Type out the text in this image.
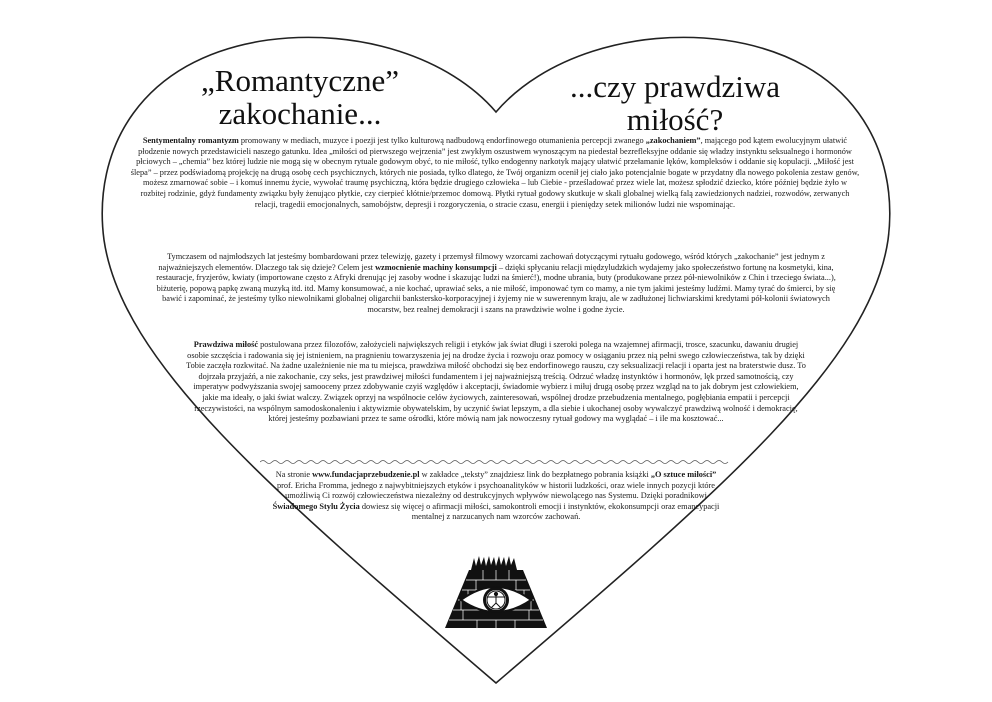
„Romantyczne”
zakochanie...
...czy prawdziwa
miłość?
Sentymentalny romantyzm promowany w mediach, muzyce i poezji jest tylko kulturową nadbudową endorfinowego otumanienia percepcji zwanego „zakochaniem”, mającego pod kątem ewolucyjnym ułatwić płodzenie nowych przedstawicieli naszego gatunku. Idea „miłości od pierwszego wejrzenia” jest zwykłym oszustwem wynoszącym na piedestał bezrefleksyjne oddanie się władzy instynktu seksualnego i hormonów płciowych – „chemia” bez której ludzie nie mogą się w obecnym rytuale godowym obyć, to nie miłość, tylko endogenny narkotyk mający ułatwić przełamanie lęków, kompleksów i oddanie się kopulacji. „Miłość jest ślepa” – przez podświadomą projekcję na drugą osobę cech psychicznych, których nie posiada, tylko dlatego, że Twój organizm ocenił jej ciało jako potencjalnie bogate w przydatny dla nowego pokolenia zestaw genów, możesz zmarnować sobie – i komuś innemu życie, wywołać traumę psychiczną, która będzie drugiego człowieka – lub Ciebie - prześladować przez wiele lat, możesz spłodzić dziecko, które później będzie żyło w rozbitej rodzinie, gdyż fundamenty związku były żenująco płytkie, czy cierpieć kłótnie/przemoc domową. Płytki rytuał godowy skutkuje w skali globalnej wielką falą zawiedzionych nadziei, rozwodów, zerwanych relacji, tragedii emocjonalnych, samobójstw, depresji i rozgoryczenia, o stracie czasu, energii i pieniędzy setek milionów ludzi nie wspominając.
Tymczasem od najmłodszych lat jesteśmy bombardowani przez telewizję, gazety i przemysł filmowy wzorcami zachowań dotyczącymi rytuału godowego, wśród których „zakochanie” jest jednym z najważniejszych elementów. Dlaczego tak się dzieje? Celem jest wzmocnienie machiny konsumpcji – dzięki spłycaniu relacji międzyludzkich wydajemy jako społeczeństwo fortunę na kosmetyki, kina, restauracje, fryzjerów, kwiaty (importowane często z Afryki drenując jej zasoby wodne i skazując ludzi na śmierć!), modne ubrania, buty (produkowane przez pół-niewolników z Chin i trzeciego świata...), biżuterię, popową papkę zwaną muzyką itd. itd. Mamy konsumować, a nie kochać, uprawiać seks, a nie miłość, imponować tym co mamy, a nie tym jakimi jesteśmy ludźmi. Mamy tyrać do śmierci, by się bawić i zapominać, że jesteśmy tylko niewolnikami globalnej oligarchii bankstersko-korporacyjnej i żyjemy nie w suwerennym kraju, ale w zadłużonej lichwiarskimi kredytami pół-kolonii światowych mocarstw, bez realnej demokracji i szans na prawdziwie wolne i godne życie.
Prawdziwa miłość postulowana przez filozofów, założycieli największych religii i etyków jak świat długi i szeroki polega na wzajemnej afirmacji, trosce, szacunku, dawaniu drugiej osobie szczęścia i radowania się jej istnieniem, na pragnieniu towarzyszenia jej na drodze życia i rozwoju oraz pomocy w osiąganiu przez nią pełni swego człowieczeństwa, tak by dzięki Tobie zaczęła rozkwitać. Na żadne uzależnienie nie ma tu miejsca, prawdziwa miłość obchodzi się bez endorfinowego rauszu, czy seksualizacji relacji i oparta jest na braterstwie dusz. To dojrzała przyjaźń, a nie zakochanie, czy seks, jest prawdziwej miłości fundamentem i jej najważniejszą treścią. Odrzuć władzę instynktów i hormonów, lęk przed samotnością, czy imperatyw podwyższania swojej samooceny przez zdobywanie czyiś względów i akceptacji, świadomie wybierz i miłuj drugą osobę przez wzgląd na to jak dobrym jest człowiekiem, jakie ma ideały, o jaki świat walczy. Związek oprzyj na wspólnocie celów życiowych, zainteresowań, wspólnej drodze przebudzenia mentalnego, pogłębiania empatii i percepcji rzeczywistości, na wspólnym samodoskonaleniu i aktywizmie obywatelskim, by uczynić świat lepszym, a dla siebie i ukochanej osoby wywalczyć prawdziwą wolność i demokrację, której jesteśmy pozbawiani przez te same ośrodki, które mówią nam jak nowoczesny rytuał godowy ma wyglądać – i ile ma kosztować...
Na stronie www.fundacjaprzebudzenie.pl w zakładce „teksty” znajdziesz link do bezpłatnego pobrania książki „O sztuce miłości” prof. Ericha Fromma, jednego z najwybitniejszych etyków i psychoanalityków w historii ludzkości, oraz wiele innych pozycji które umożliwią Ci rozwój człowieczeństwa niezależny od destrukcyjnych wpływów niewolącego nas Systemu. Dzięki poradnikowi Świadomego Stylu Życia dowiesz się więcej o afirmacji miłości, samokontroli emocji i instynktów, ekokonsumpcji oraz emancypacji mentalnej z narzucanych nam wzorców zachowań.
